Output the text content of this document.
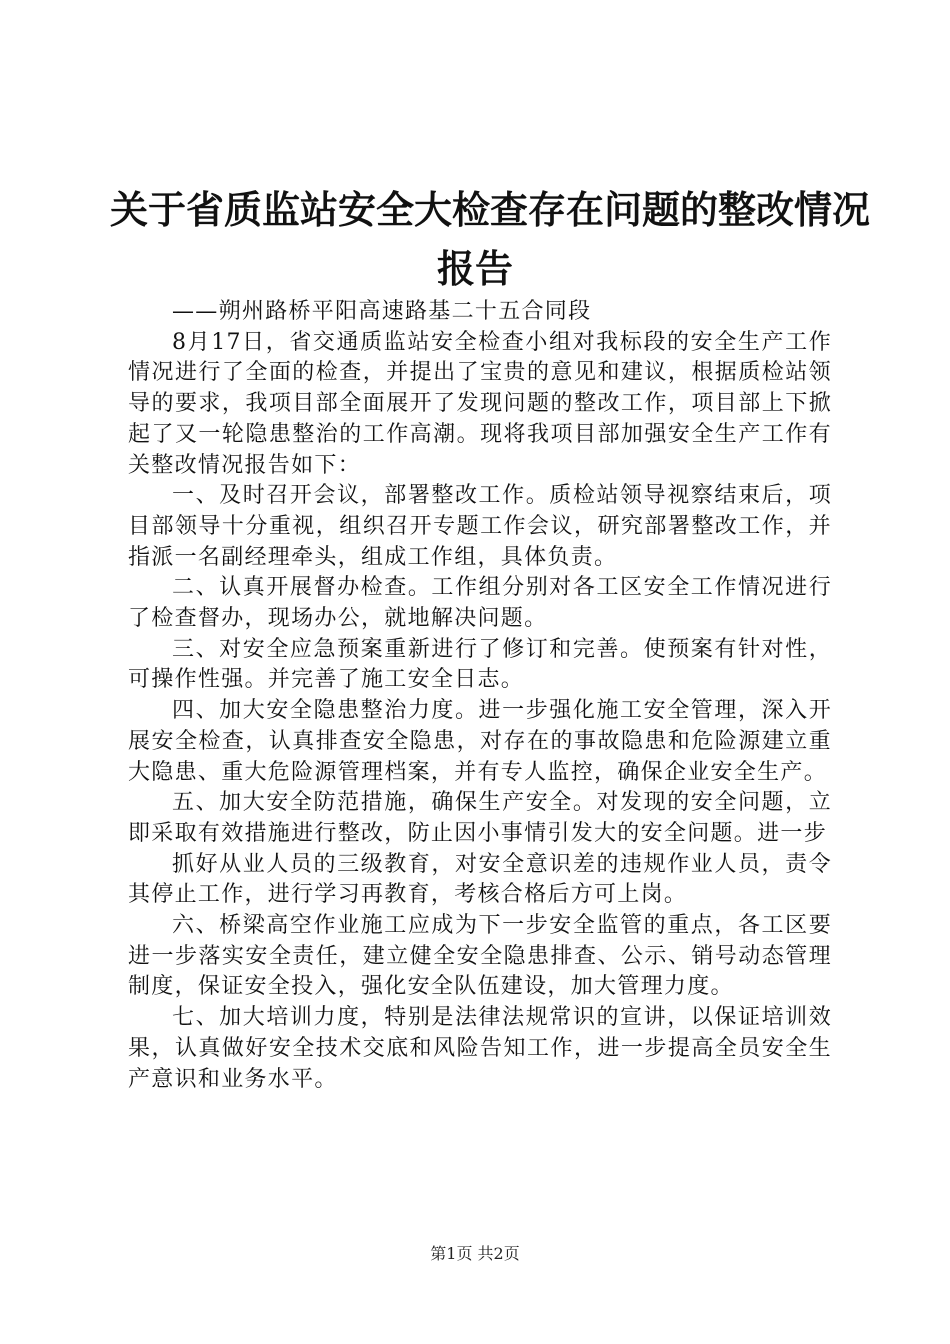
关于省质监站安全大检查存在问题的整改情况
报告

——朔州路桥平阳高速路基二十五合同段

8月17日，省交通质监站安全检查小组对我标段的安全生产工作情况进行了全面的检查，并提出了宝贵的意见和建议，根据质检站领导的要求，我项目部全面展开了发现问题的整改工作，项目部上下掀起了又一轮隐患整治的工作高潮。现将我项目部加强安全生产工作有关整改情况报告如下：

一、及时召开会议，部署整改工作。质检站领导视察结束后，项目部领导十分重视，组织召开专题工作会议，研究部署整改工作，并指派一名副经理牵头，组成工作组，具体负责。

二、认真开展督办检查。工作组分别对各工区安全工作情况进行了检查督办，现场办公，就地解决问题。

三、对安全应急预案重新进行了修订和完善。使预案有针对性，可操作性强。并完善了施工安全日志。

四、加大安全隐患整治力度。进一步强化施工安全管理，深入开展安全检查，认真排查安全隐患，对存在的事故隐患和危险源建立重大隐患、重大危险源管理档案，并有专人监控，确保企业安全生产。

五、加大安全防范措施，确保生产安全。对发现的安全问题，立即采取有效措施进行整改，防止因小事情引发大的安全问题。进一步

抓好从业人员的三级教育，对安全意识差的违规作业人员，责令其停止工作，进行学习再教育，考核合格后方可上岗。

六、桥梁高空作业施工应成为下一步安全监管的重点，各工区要进一步落实安全责任，建立健全安全隐患排查、公示、销号动态管理制度，保证安全投入，强化安全队伍建设，加大管理力度。

七、加大培训力度，特别是法律法规常识的宣讲，以保证培训效果，认真做好安全技术交底和风险告知工作，进一步提高全员安全生产意识和业务水平。

第1页 共2页
